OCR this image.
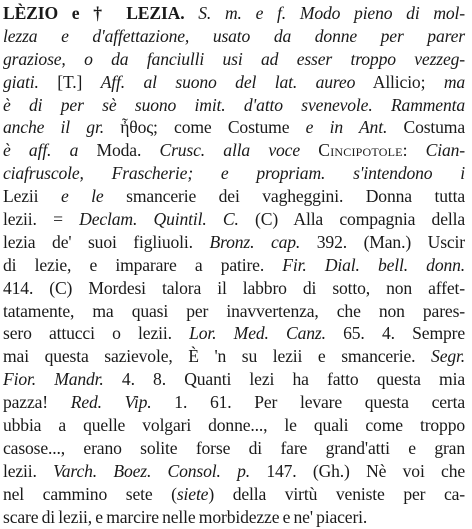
LÈZIO e † LEZIA. S. m. e f. Modo pieno di mol-
lezza e d'affettazione, usato da donne per parer
graziose, o da fanciulli usi ad esser troppo vezzeg-
giati. [T.] Aff. al suono del lat. aureo Allicio; ma
è di per sè suono imit. d'atto svenevole. Rammenta
anche il gr. ἦθος; come Costume e in Ant. Costuma
è aff. a Moda. Crusc. alla voce Cincipotole: Cian-
ciafruscole, Frascherie; e propriam. s'intendono i
Lezii e le smancerie dei vagheggini. Donna tutta
lezii. = Declam. Quintil. C. (C) Alla compagnia della
lezia de' suoi figliuoli. Bronz. cap. 392. (Man.) Uscir
di lezie, e imparare a patire. Fir. Dial. bell. donn.
414. (C) Mordesi talora il labbro di sotto, non affet-
tatamente, ma quasi per inavvertenza, che non pares-
sero attucci o lezii. Lor. Med. Canz. 65. 4. Sempre
mai questa sazievole, È 'n su lezii e smancerie. Segr.
Fior. Mandr. 4. 8. Quanti lezi ha fatto questa mia
pazza! Red. Vip. 1. 61. Per levare questa certa
ubbia a quelle volgari donne..., le quali come troppo
casose..., erano solite forse di fare grand'atti e gran
lezii. Varch. Boez. Consol. p. 147. (Gh.) Nè voi che
nel cammino sete (siete) della virtù veniste per ca-
scare di lezii, e marcire nelle morbidezze e ne' piaceri.
